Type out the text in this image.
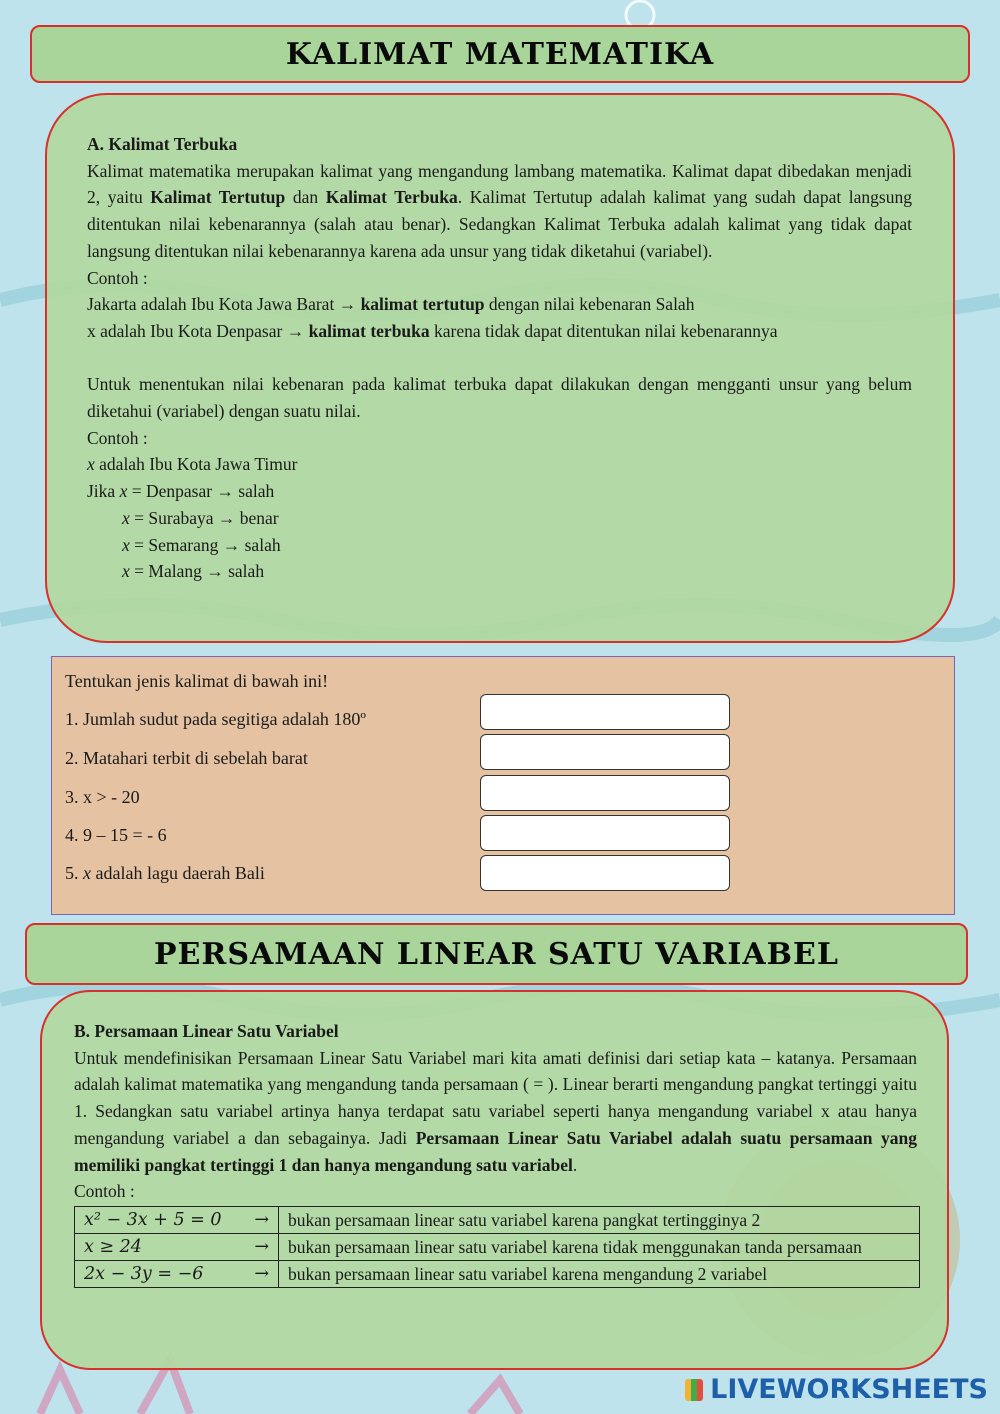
KALIMAT MATEMATIKA

A. Kalimat Terbuka

Kalimat matematika merupakan kalimat yang mengandung lambang matematika. Kalimat dapat dibedakan menjadi 2, yaitu Kalimat Tertutup dan Kalimat Terbuka. Kalimat Tertutup adalah kalimat yang sudah dapat langsung ditentukan nilai kebenarannya (salah atau benar). Sedangkan Kalimat Terbuka adalah kalimat yang tidak dapat langsung ditentukan nilai kebenarannya karena ada unsur yang tidak diketahui (variabel).

Contoh :

Jakarta adalah Ibu Kota Jawa Barat → kalimat tertutup dengan nilai kebenaran Salah

x adalah Ibu Kota Denpasar → kalimat terbuka karena tidak dapat ditentukan nilai kebenarannya

Untuk menentukan nilai kebenaran pada kalimat terbuka dapat dilakukan dengan mengganti unsur yang belum diketahui (variabel) dengan suatu nilai.

Contoh :

x adalah Ibu Kota Jawa Timur

Jika x = Denpasar → salah

x = Surabaya → benar

x = Semarang → salah

x = Malang → salah

Tentukan jenis kalimat di bawah ini!
1. Jumlah sudut pada segitiga adalah 180º
2. Matahari terbit di sebelah barat
3. x > - 20
4. 9 – 15 = - 6
5. x adalah lagu daerah Bali
PERSAMAAN LINEAR SATU VARIABEL

B. Persamaan Linear Satu Variabel

Untuk mendefinisikan Persamaan Linear Satu Variabel mari kita amati definisi dari setiap kata – katanya. Persamaan adalah kalimat matematika yang mengandung tanda persamaan ( = ). Linear berarti mengandung pangkat tertinggi yaitu 1. Sedangkan satu variabel artinya hanya terdapat satu variabel seperti hanya mengandung variabel x atau hanya mengandung variabel a dan sebagainya. Jadi Persamaan Linear Satu Variabel adalah suatu persamaan yang memiliki pangkat tertinggi 1 dan hanya mengandung satu variabel.

Contoh :

x² − 3x + 5 = 0 →	bukan persamaan linear satu variabel karena pangkat tertingginya 2
x ≥ 24 →	bukan persamaan linear satu variabel karena tidak menggunakan tanda persamaan
2x − 3y = −6 →	bukan persamaan linear satu variabel karena mengandung 2 variabel
LIVEWORKSHEETS
